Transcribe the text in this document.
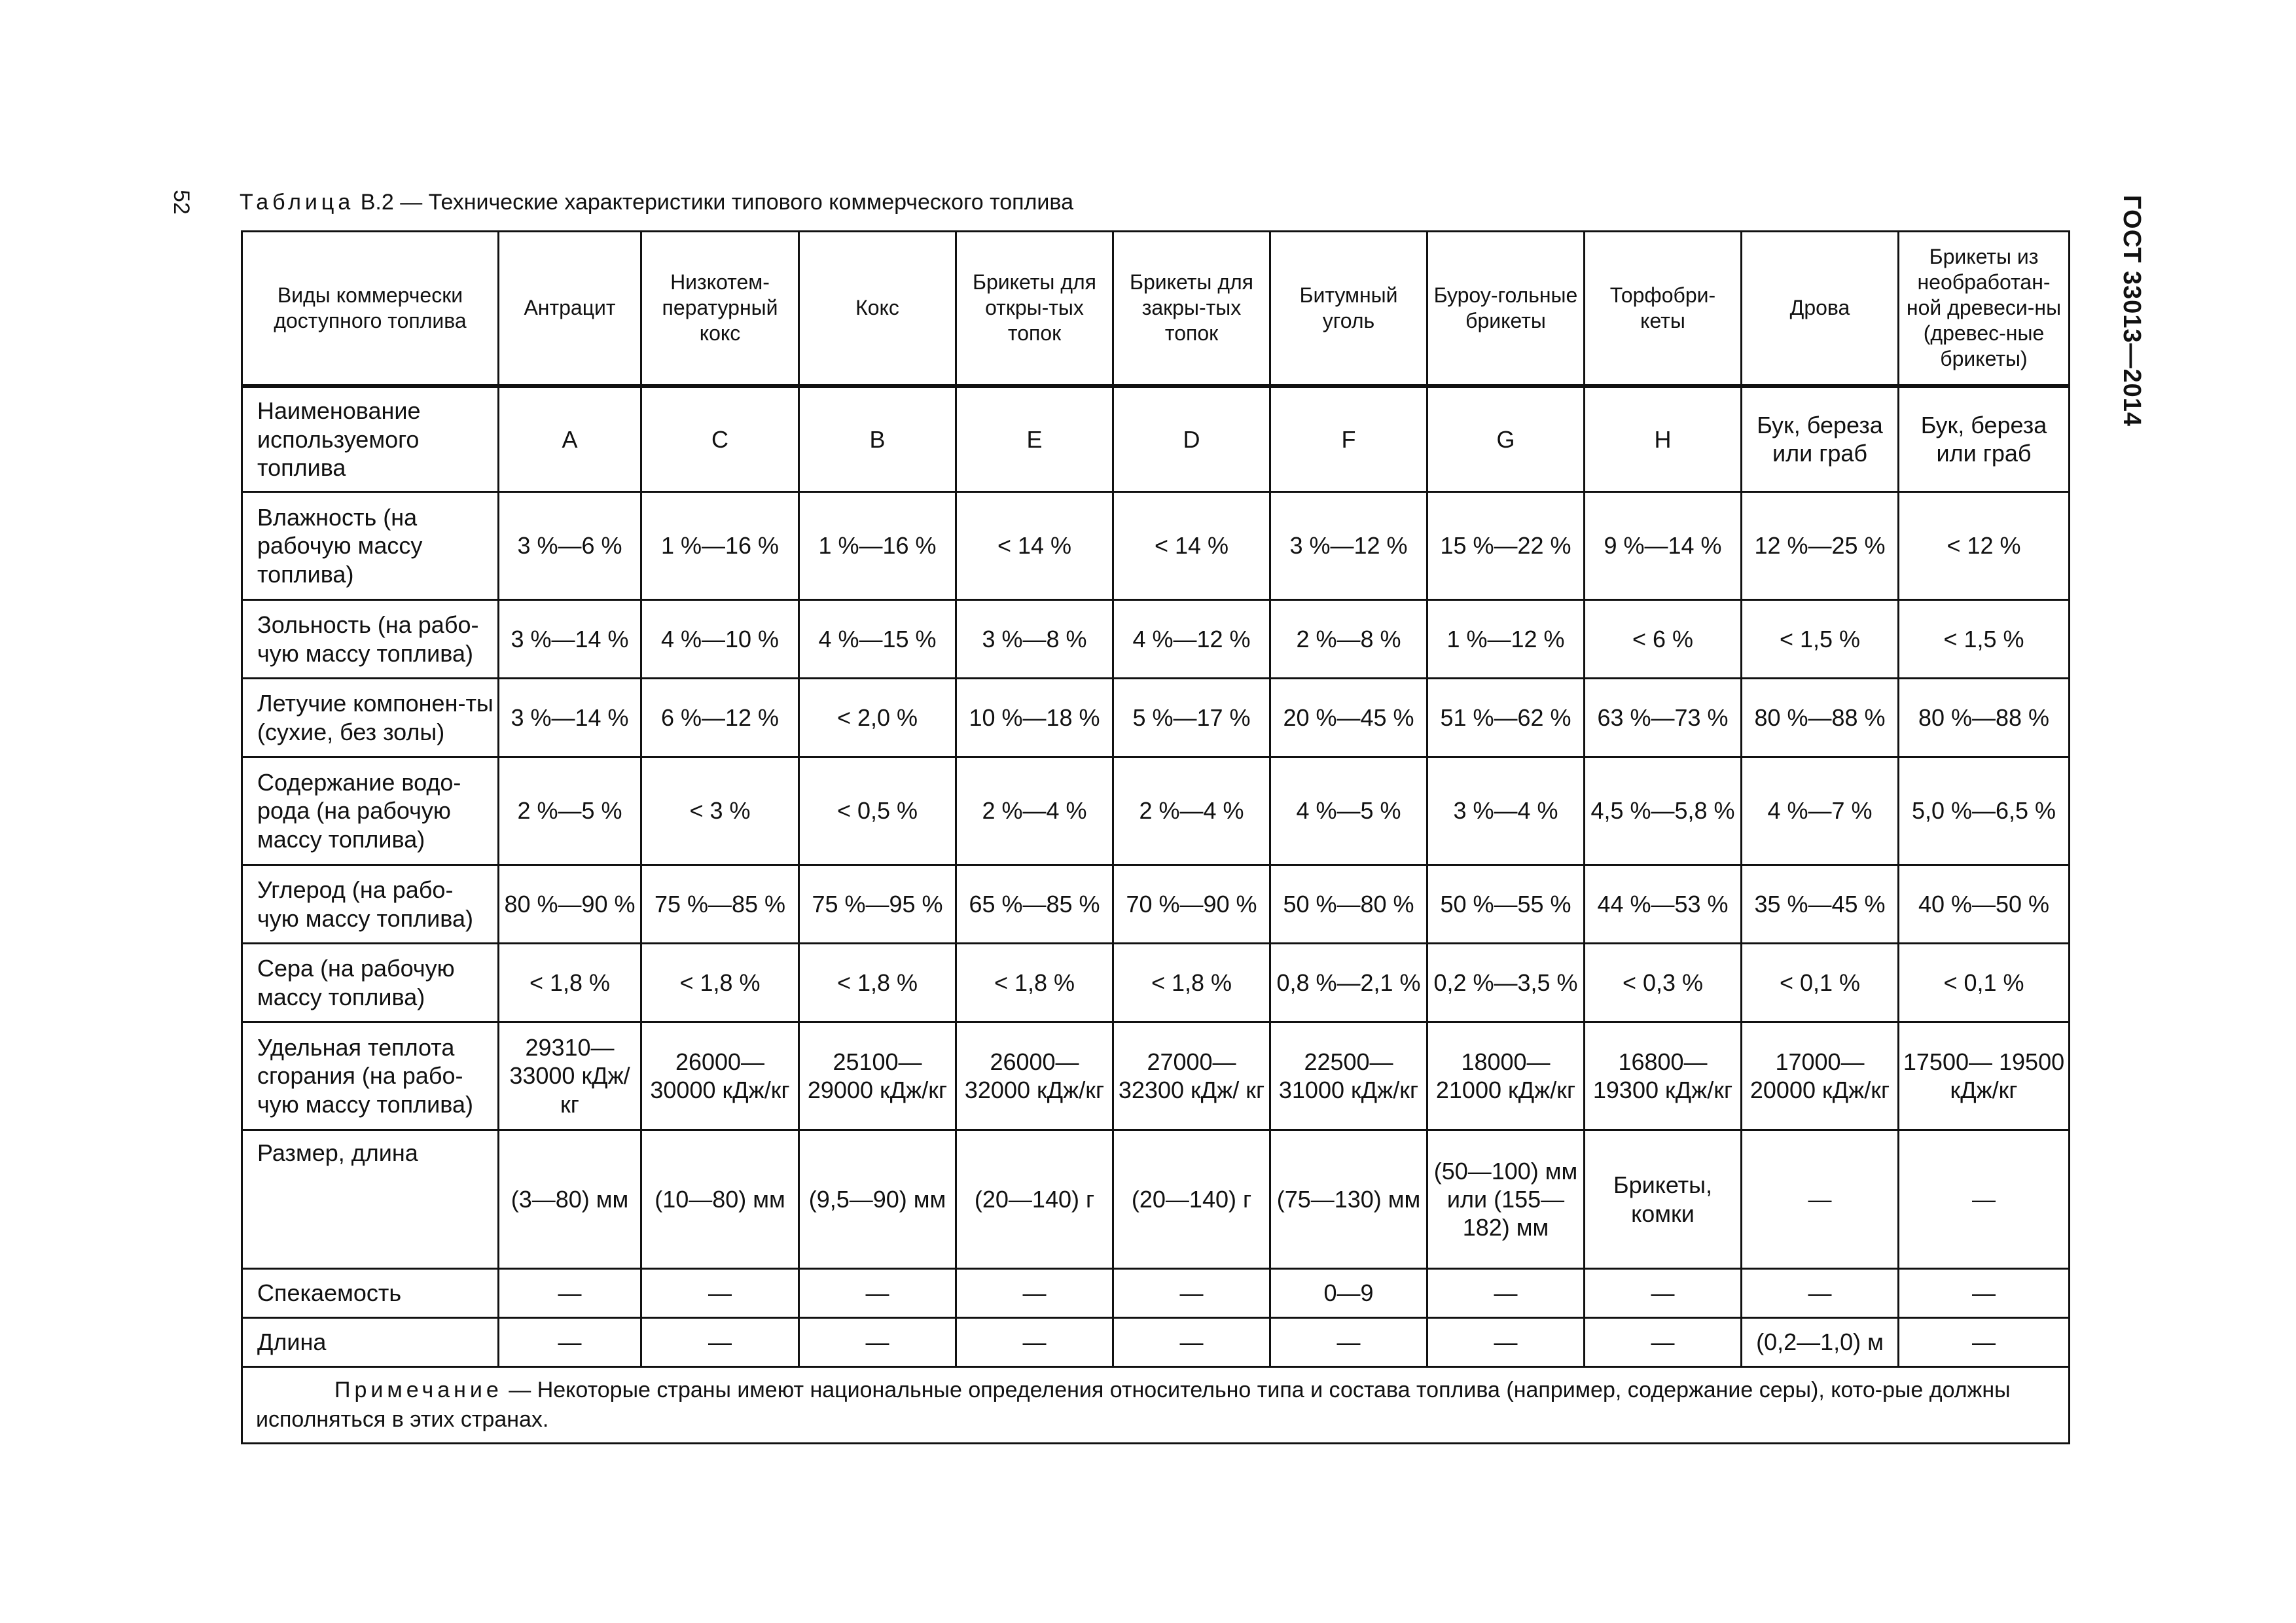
52	ГОСТ 33013—2014
Таблица В.2 — Технические характеристики типового коммерческого топлива
Виды коммерчески доступного топлива	Антрацит	Низкотем-пературный кокс	Кокс	Брикеты для откры-тых топок	Брикеты для закры-тых топок	Битумный уголь	Буроу-гольные брикеты	Торфобри-кеты	Дрова	Брикеты из необработан-ной древеси-ны (древес-ные брикеты)
Наименование используемого топлива	A	C	B	E	D	F	G	H	Бук, береза или граб	Бук, береза или граб
Влажность (на рабочую массу топлива)	3 %—6 %	1 %—16 %	1 %—16 %	< 14 %	< 14 %	3 %—12 %	15 %—22 %	9 %—14 %	12 %—25 %	< 12 %
Зольность (на рабо-чую массу топлива)	3 %—14 %	4 %—10 %	4 %—15 %	3 %—8 %	4 %—12 %	2 %—8 %	1 %—12 %	< 6 %	< 1,5 %	< 1,5 %
Летучие компонен-ты (сухие, без золы)	3 %—14 %	6 %—12 %	< 2,0 %	10 %—18 %	5 %—17 %	20 %—45 %	51 %—62 %	63 %—73 %	80 %—88 %	80 %—88 %
Содержание водо-рода (на рабочую массу топлива)	2 %—5 %	< 3 %	< 0,5 %	2 %—4 %	2 %—4 %	4 %—5 %	3 %—4 %	4,5 %—5,8 %	4 %—7 %	5,0 %—6,5 %
Углерод (на рабо-чую массу топлива)	80 %—90 %	75 %—85 %	75 %—95 %	65 %—85 %	70 %—90 %	50 %—80 %	50 %—55 %	44 %—53 %	35 %—45 %	40 %—50 %
Сера (на рабочую массу топлива)	< 1,8 %	< 1,8 %	< 1,8 %	< 1,8 %	< 1,8 %	0,8 %—2,1 %	0,2 %—3,5 %	< 0,3 %	< 0,1 %	< 0,1 %
Удельная теплота сгорания (на рабо-чую массу топлива)	29310— 33000 кДж/кг	26000— 30000 кДж/кг	25100— 29000 кДж/кг	26000— 32000 кДж/кг	27000— 32300 кДж/ кг	22500— 31000 кДж/кг	18000— 21000 кДж/кг	16800— 19300 кДж/кг	17000— 20000 кДж/кг	17500— 19500 кДж/кг
Размер, длина	(3—80) мм	(10—80) мм	(9,5—90) мм	(20—140) г	(20—140) г	(75—130) мм	(50—100) мм или (155—182) мм	Брикеты, комки	—	—
Спекаемость	—	—	—	—	—	0—9	—	—	—	—
Длина	—	—	—	—	—	—	—	—	(0,2—1,0) м	—
Примечание — Некоторые страны имеют национальные определения относительно типа и состава топлива (например, содержание серы), кото-рые должны исполняться в этих странах.										
